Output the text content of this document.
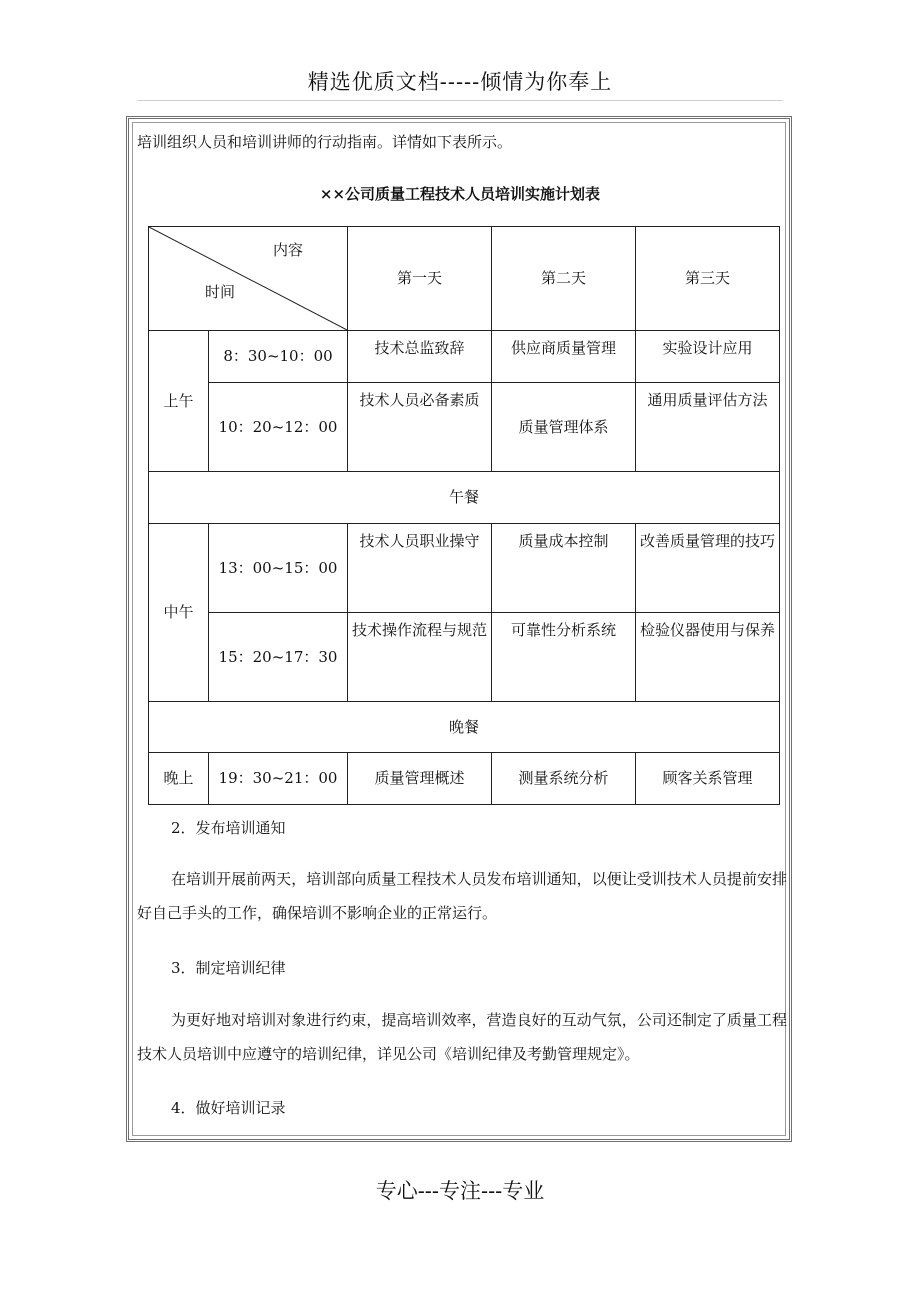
精选优质文档-----倾情为你奉上
培训组织人员和培训讲师的行动指南。详情如下表所示。
××公司质量工程技术人员培训实施计划表
内容
时间		第一天	第二天	第三天
上午	8：30~10：00	技术总监致辞	供应商质量管理	实验设计应用
	10：20~12：00	技术人员必备素质	质量管理体系	通用质量评估方法
午餐				
中午	13：00~15：00	技术人员职业操守	质量成本控制	改善质量管理的技巧
	15：20~17：30	技术操作流程与规范	可靠性分析系统	检验仪器使用与保养
晚餐				
晚上	19：30~21：00	质量管理概述	测量系统分析	顾客关系管理
2．发布培训通知
在培训开展前两天，培训部向质量工程技术人员发布培训通知，以便让受训技术人员提前安排好自己手头的工作，确保培训不影响企业的正常运行。
3．制定培训纪律
为更好地对培训对象进行约束，提高培训效率，营造良好的互动气氛，公司还制定了质量工程技术人员培训中应遵守的培训纪律，详见公司《培训纪律及考勤管理规定》。
4．做好培训记录
专心---专注---专业
